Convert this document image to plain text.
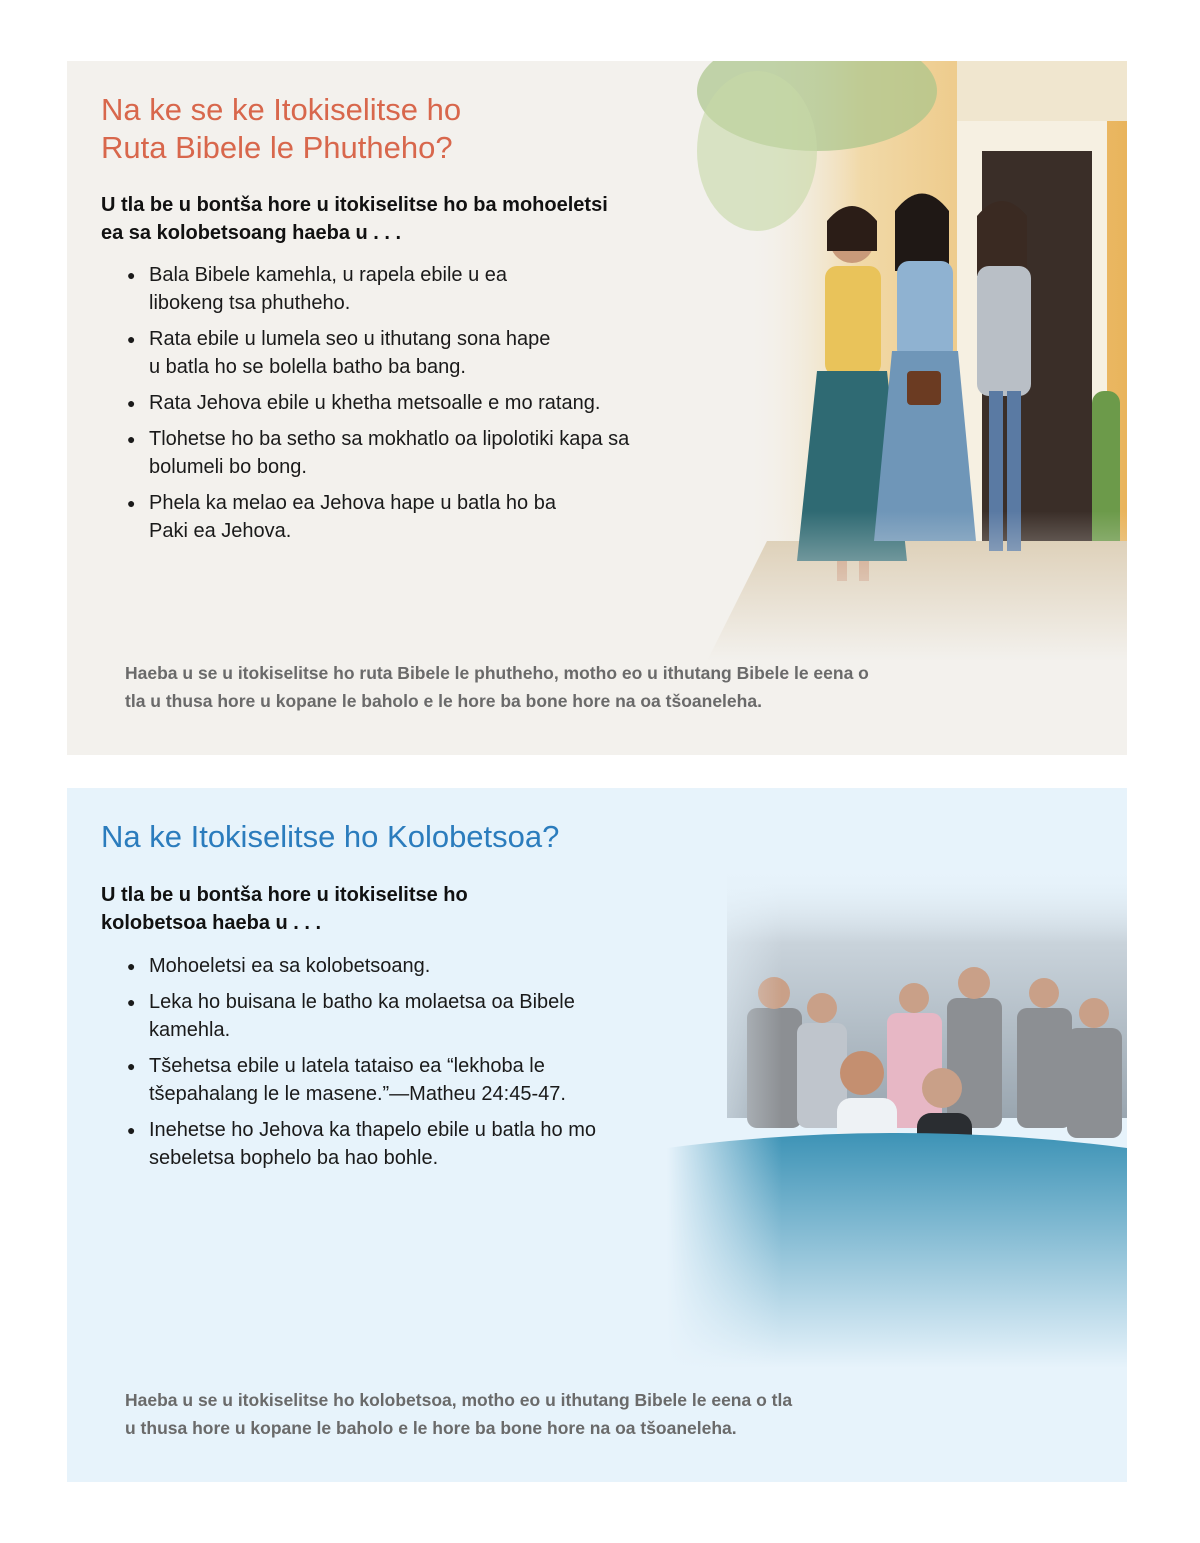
Na ke se ke Itokiselitse ho
Ruta Bibele le Phutheho?

U tla be u bontša hore u itokiselitse ho ba mohoeletsi
ea sa kolobetsoang haeba u . . .

● Bala Bibele kamehla, u rapela ebile u ea
libokeng tsa phutheho.
● Rata ebile u lumela seo u ithutang sona hape
u batla ho se bolella batho ba bang.
● Rata Jehova ebile u khetha metsoalle e mo ratang.
● Tlohetse ho ba setho sa mokhatlo oa lipolotiki kapa sa
bolumeli bo bong.
● Phela ka melao ea Jehova hape u batla ho ba
Paki ea Jehova.

Haeba u se u itokiselitse ho ruta Bibele le phutheho, motho eo u ithutang Bibele le eena o
tla u thusa hore u kopane le baholo e le hore ba bone hore na oa tšoaneleha.

Na ke Itokiselitse ho Kolobetsoa?

U tla be u bontša hore u itokiselitse ho
kolobetsoa haeba u . . .

● Mohoeletsi ea sa kolobetsoang.
● Leka ho buisana le batho ka molaetsa oa Bibele
kamehla.
● Tšehetsa ebile u latela tataiso ea “lekhoba le
tšepahalang le le masene.”—Matheu 24:45-47.
● Inehetse ho Jehova ka thapelo ebile u batla ho mo
sebeletsa bophelo ba hao bohle.

Haeba u se u itokiselitse ho kolobetsoa, motho eo u ithutang Bibele le eena o tla
u thusa hore u kopane le baholo e le hore ba bone hore na oa tšoaneleha.
